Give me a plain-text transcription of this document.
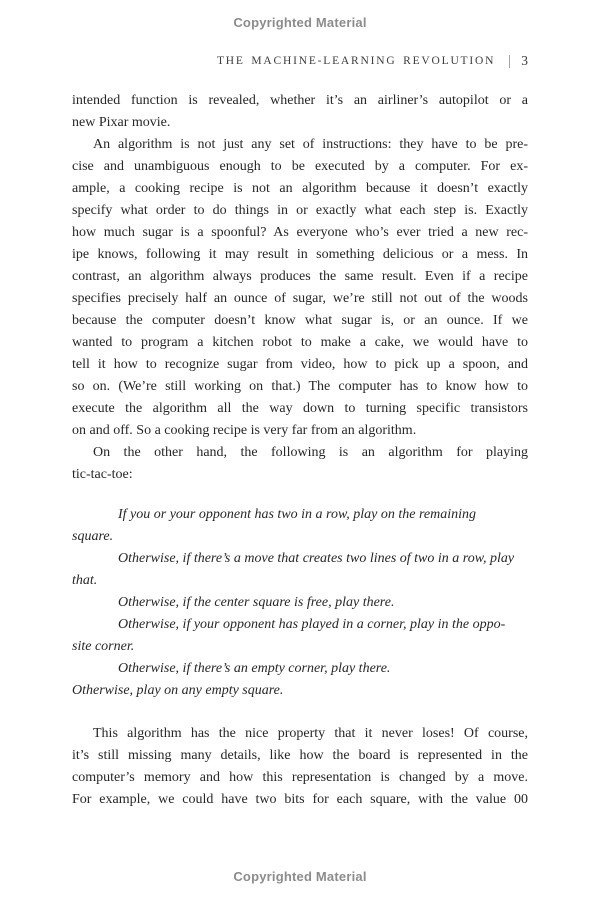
Copyrighted Material
THE MACHINE-LEARNING REVOLUTION | 3
intended function is revealed, whether it’s an airliner’s autopilot or a
new Pixar movie.
An algorithm is not just any set of instructions: they have to be pre-
cise and unambiguous enough to be executed by a computer. For ex-
ample, a cooking recipe is not an algorithm because it doesn’t exactly
specify what order to do things in or exactly what each step is. Exactly
how much sugar is a spoonful? As everyone who’s ever tried a new rec-
ipe knows, following it may result in something delicious or a mess. In
contrast, an algorithm always produces the same result. Even if a recipe
specifies precisely half an ounce of sugar, we’re still not out of the woods
because the computer doesn’t know what sugar is, or an ounce. If we
wanted to program a kitchen robot to make a cake, we would have to
tell it how to recognize sugar from video, how to pick up a spoon, and
so on. (We’re still working on that.) The computer has to know how to
execute the algorithm all the way down to turning specific transistors
on and off. So a cooking recipe is very far from an algorithm.
On the other hand, the following is an algorithm for playing
tic-tac-toe:
If you or your opponent has two in a row, play on the remaining
square.
Otherwise, if there’s a move that creates two lines of two in a row, play
that.
Otherwise, if the center square is free, play there.
Otherwise, if your opponent has played in a corner, play in the oppo-
site corner.
Otherwise, if there’s an empty corner, play there.
Otherwise, play on any empty square.
This algorithm has the nice property that it never loses! Of course,
it’s still missing many details, like how the board is represented in the
computer’s memory and how this representation is changed by a move.
For example, we could have two bits for each square, with the value 00
Copyrighted Material
